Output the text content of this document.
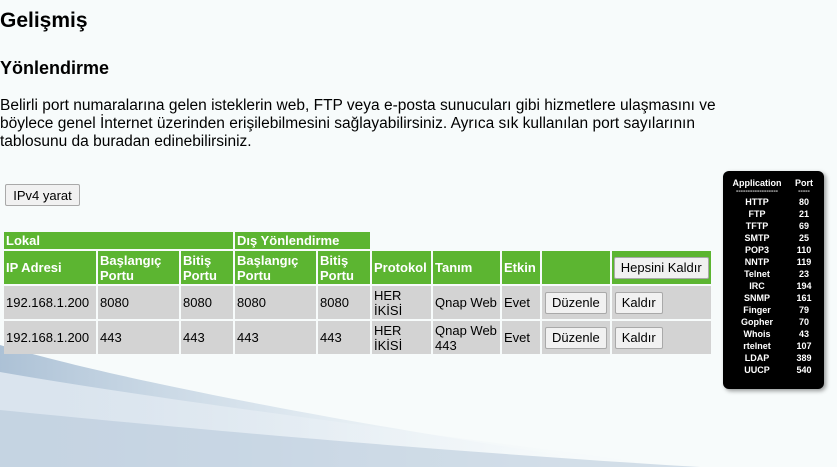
Gelişmiş
Yönlendirme

Belirli port numaralarına gelen isteklerin web, FTP veya e-posta sunucuları gibi hizmetlere ulaşmasını ve böylece genel İnternet üzerinden erişilebilmesini sağlayabilirsiniz. Ayrıca sık kullanılan port sayılarının tablosunu da buradan edinebilirsiniz.

IPv4 yarat
Lokal			Dış Yönlendirme						
IP Adresi	Başlangıç Portu	Bitiş Portu	Başlangıç Portu	Bitiş Portu	Protokol	Tanım	Etkin		Hepsini Kaldır
192.168.1.200	8080	8080	8080	8080	HER İKİSİ	Qnap Web	Evet	Düzenle	Kaldır
192.168.1.200	443	443	443	443	HER İKİSİ	Qnap Web 443	Evet	Düzenle	Kaldır
Application	Port
------------------	-----
HTTP	80
FTP	21
TFTP	69
SMTP	25
POP3	110
NNTP	119
Telnet	23
IRC	194
SNMP	161
Finger	79
Gopher	70
Whois	43
rtelnet	107
LDAP	389
UUCP	540
